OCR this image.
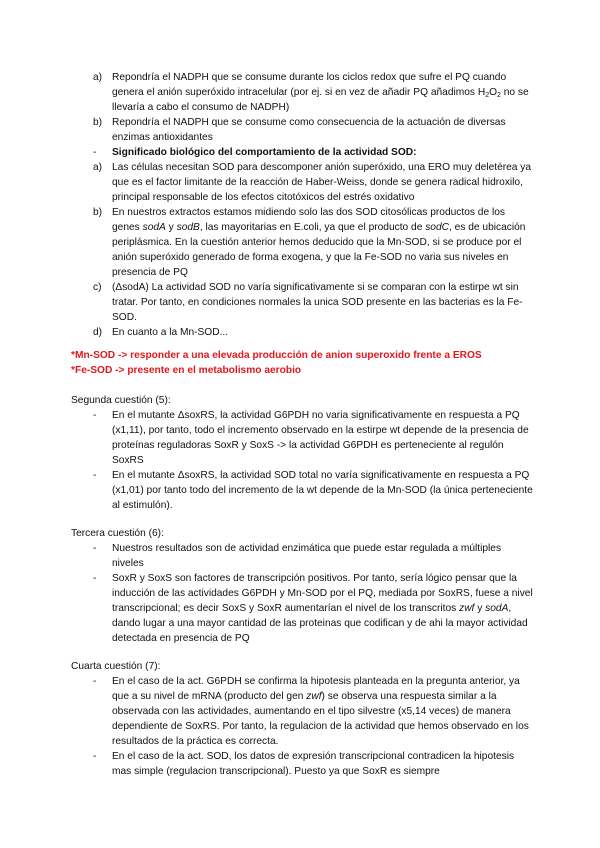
a) Repondría el NADPH que se consume durante los ciclos redox que sufre el PQ cuando genera el anión superóxido intracelular (por ej. si en vez de añadir PQ añadimos $H_2O_2$ no se llevaría a cabo el consumo de NADPH)
b) Repondría el NADPH que se consume como consecuencia de la actuación de diversas enzimas antioxidantes
- Significado biológico del comportamiento de la actividad SOD:
a) Las células necesitan SOD para descomponer anión superóxido, una ERO muy deletérea ya que es el factor limitante de la reacción de Haber-Weiss, donde se genera radical hidroxilo, principal responsable de los efectos citotóxicos del estrés oxidativo
b) En nuestros extractos estamos midiendo solo las dos SOD citosólicas productos de los genes sodA y sodB, las mayoritarias en E.coli, ya que el producto de sodC, es de ubicación periplásmica. En la cuestión anterior hemos deducido que la Mn-SOD, si se produce por el anión superóxido generado de forma exogena, y que la Fe-SOD no varia sus niveles en presencia de PQ
c) (ΔsodA) La actividad SOD no varía significativamente si se comparan con la estirpe wt sin tratar. Por tanto, en condiciones normales la unica SOD presente en las bacterias es la Fe-SOD.
d) En cuanto a la Mn-SOD...
*Mn-SOD -> responder a una elevada producción de anion superoxido frente a EROS
*Fe-SOD -> presente en el metabolismo aerobio
Segunda cuestión (5):
- En el mutante ΔsoxRS, la actividad G6PDH no varia significativamente en respuesta a PQ (x1,11), por tanto, todo el incremento observado en la estirpe wt depende de la presencia de proteínas reguladoras SoxR y SoxS -> la actividad G6PDH es perteneciente al regulón SoxRS
- En el mutante ΔsoxRS, la actividad SOD total no varía significativamente en respuesta a PQ (x1,01) por tanto todo del incremento de la wt depende de la Mn-SOD (la única perteneciente al estimulón).
Tercera cuestión (6):
- Nuestros resultados son de actividad enzimática que puede estar regulada a múltiples niveles
- SoxR y SoxS son factores de transcripción positivos. Por tanto, sería lógico pensar que la inducción de las actividades G6PDH y Mn-SOD por el PQ, mediada por SoxRS, fuese a nivel transcripcional; es decir SoxS y SoxR aumentarían el nivel de los transcritos zwf y sodA, dando lugar a una mayor cantidad de las proteinas que codifican y de ahi la mayor actividad detectada en presencia de PQ
Cuarta cuestión (7):
- En el caso de la act. G6PDH se confirma la hipotesis planteada en la pregunta anterior, ya que a su nivel de mRNA (producto del gen zwf) se observa una respuesta similar a la observada con las actividades, aumentando en el tipo silvestre (x5,14 veces) de manera dependiente de SoxRS. Por tanto, la regulacion de la actividad que hemos observado en los resultados de la práctica es correcta.
- En el caso de la act. SOD, los datos de expresión transcripcional contradicen la hipotesis mas simple (regulacion transcripcional). Puesto ya que SoxR es siempre
